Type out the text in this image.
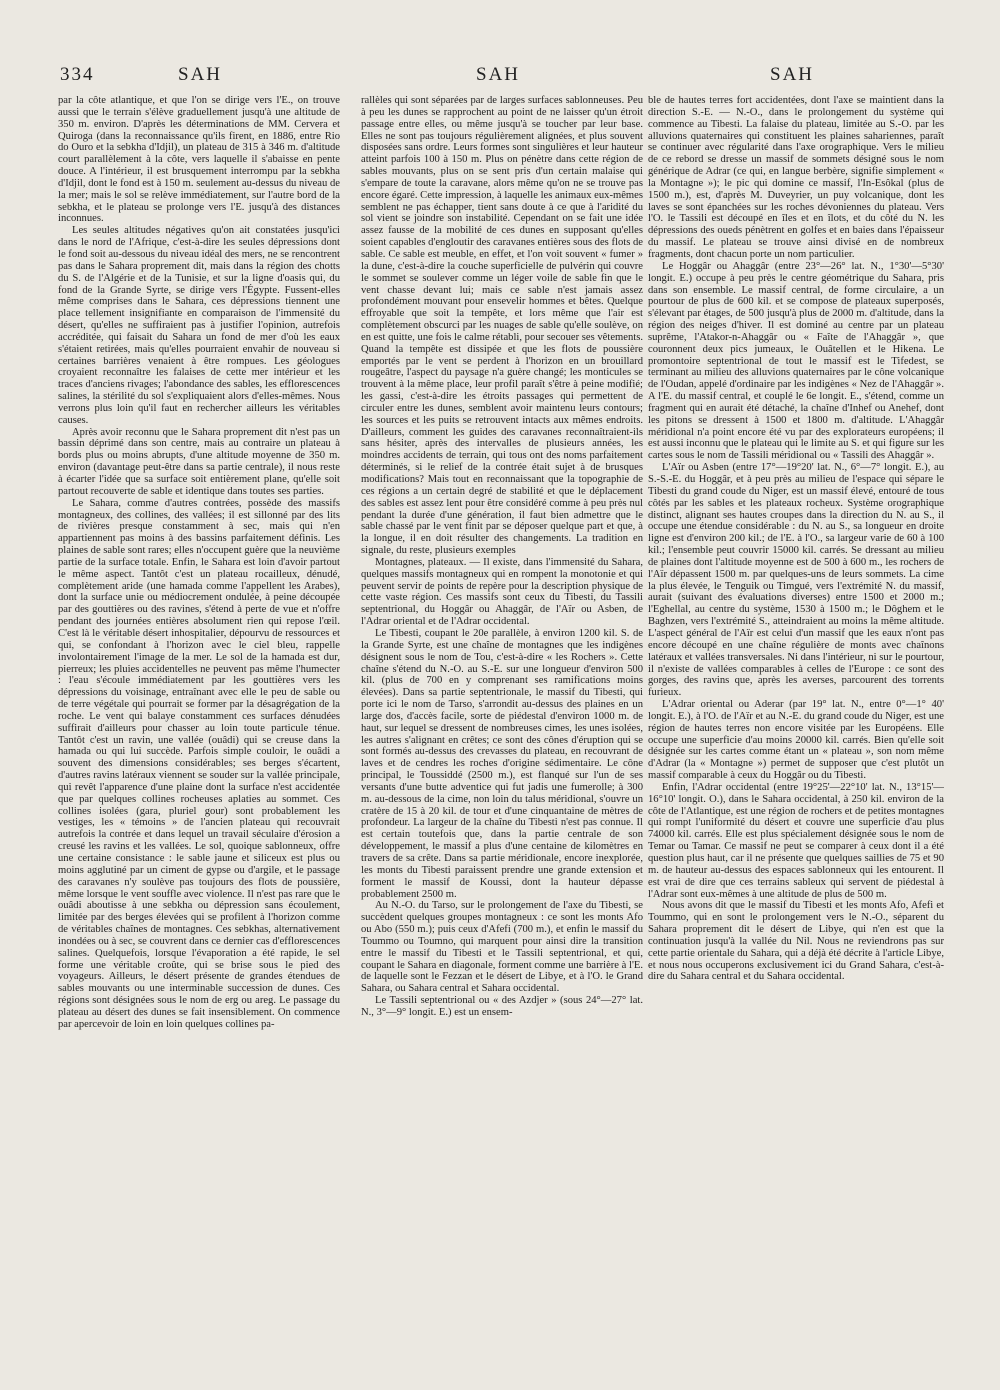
334	SAH	SAH	SAH

par la côte atlantique, et que l'on se dirige vers l'E., on trouve aussi que le terrain s'élève graduellement jusqu'à une altitude de 350 m. environ. D'après les déterminations de MM. Cervera et Quiroga (dans la reconnaissance qu'ils firent, en 1886, entre Rio do Ouro et la sebkha d'Idjil), un plateau de 315 à 346 m. d'altitude court parallèlement à la côte, vers laquelle il s'abaisse en pente douce. A l'intérieur, il est brusquement interrompu par la sebkha d'Idjil, dont le fond est à 150 m. seulement au-dessus du niveau de la mer; mais le sol se relève immédiatement, sur l'autre bord de la sebkha, et le plateau se prolonge vers l'E. jusqu'à des distances inconnues.

Les seules altitudes négatives qu'on ait constatées jusqu'ici dans le nord de l'Afrique, c'est-à-dire les seules dépressions dont le fond soit au-dessous du niveau idéal des mers, ne se rencontrent pas dans le Sahara proprement dit, mais dans la région des chotts du S. de l'Algérie et de la Tunisie, et sur la ligne d'oasis qui, du fond de la Grande Syrte, se dirige vers l'Égypte. Fussent-elles même comprises dans le Sahara, ces dépressions tiennent une place tellement insignifiante en comparaison de l'immensité du désert, qu'elles ne suffiraient pas à justifier l'opinion, autrefois accréditée, qui faisait du Sahara un fond de mer d'où les eaux s'étaient retirées, mais qu'elles pourraient envahir de nouveau si certaines barrières venaient à être rompues. Les géologues croyaient reconnaître les falaises de cette mer intérieur et les traces d'anciens rivages; l'abondance des sables, les efflorescences salines, la stérilité du sol s'expliquaient alors d'elles-mêmes. Nous verrons plus loin qu'il faut en rechercher ailleurs les véritables causes.

Après avoir reconnu que le Sahara proprement dit n'est pas un bassin déprimé dans son centre, mais au contraire un plateau à bords plus ou moins abrupts, d'une altitude moyenne de 350 m. environ (davantage peut-être dans sa partie centrale), il nous reste à écarter l'idée que sa surface soit entièrement plane, qu'elle soit partout recouverte de sable et identique dans toutes ses parties.

Le Sahara, comme d'autres contrées, possède des massifs montagneux, des collines, des vallées; il est sillonné par des lits de rivières presque constamment à sec, mais qui n'en appartiennent pas moins à des bassins parfaitement définis. Les plaines de sable sont rares; elles n'occupent guère que la neuvième partie de la surface totale. Enfin, le Sahara est loin d'avoir partout le même aspect. Tantôt c'est un plateau rocailleux, dénudé, complètement aride (une hamada comme l'appellent les Arabes), dont la surface unie ou médiocrement ondulée, à peine découpée par des gouttières ou des ravines, s'étend à perte de vue et n'offre pendant des journées entières absolument rien qui repose l'œil. C'est là le véritable désert inhospitalier, dépourvu de ressources et qui, se confondant à l'horizon avec le ciel bleu, rappelle involontairement l'image de la mer. Le sol de la hamada est dur, pierreux; les pluies accidentelles ne peuvent pas même l'humecter : l'eau s'écoule immédiatement par les gouttières vers les dépressions du voisinage, entraînant avec elle le peu de sable ou de terre végétale qui pourrait se former par la désagrégation de la roche. Le vent qui balaye constamment ces surfaces dénudées suffirait d'ailleurs pour chasser au loin toute particule ténue. Tantôt c'est un ravin, une vallée (ouâdi) qui se creuse dans la hamada ou qui lui succède. Parfois simple couloir, le ouâdi a souvent des dimensions considérables; ses berges s'écartent, d'autres ravins latéraux viennent se souder sur la vallée principale, qui revêt l'apparence d'une plaine dont la surface n'est accidentée que par quelques collines rocheuses aplaties au sommet. Ces collines isolées (gara, pluriel gour) sont probablement les vestiges, les « témoins » de l'ancien plateau qui recouvrait autrefois la contrée et dans lequel un travail séculaire d'érosion a creusé les ravins et les vallées. Le sol, quoique sablonneux, offre une certaine consistance : le sable jaune et siliceux est plus ou moins agglutiné par un ciment de gypse ou d'argile, et le passage des caravanes n'y soulève pas toujours des flots de poussière, même lorsque le vent souffle avec violence. Il n'est pas rare que le ouâdi aboutisse à une sebkha ou dépression sans écoulement, limitée par des berges élevées qui se profilent à l'horizon comme de véritables chaînes de montagnes. Ces sebkhas, alternativement inondées ou à sec, se couvrent dans ce dernier cas d'efflorescences salines. Quelquefois, lorsque l'évaporation a été rapide, le sel forme une véritable croûte, qui se brise sous le pied des voyageurs. Ailleurs, le désert présente de grandes étendues de sables mouvants ou une interminable succession de dunes. Ces régions sont désignées sous le nom de erg ou areg. Le passage du plateau au désert des dunes se fait insensiblement. On commence par apercevoir de loin en loin quelques collines pa-

rallèles qui sont séparées par de larges surfaces sablonneuses. Peu à peu les dunes se rapprochent au point de ne laisser qu'un étroit passage entre elles, ou même jusqu'à se toucher par leur base. Elles ne sont pas toujours régulièrement alignées, et plus souvent disposées sans ordre. Leurs formes sont singulières et leur hauteur atteint parfois 100 à 150 m. Plus on pénètre dans cette région de sables mouvants, plus on se sent pris d'un certain malaise qui s'empare de toute la caravane, alors même qu'on ne se trouve pas encore égaré. Cette impression, à laquelle les animaux eux-mêmes semblent ne pas échapper, tient sans doute à ce que à l'aridité du sol vient se joindre son instabilité. Cependant on se fait une idée assez fausse de la mobilité de ces dunes en supposant qu'elles soient capables d'engloutir des caravanes entières sous des flots de sable. Ce sable est meuble, en effet, et l'on voit souvent « fumer » la dune, c'est-à-dire la couche superficielle de pulvérin qui couvre le sommet se soulever comme un léger voile de sable fin que le vent chasse devant lui; mais ce sable n'est jamais assez profondément mouvant pour ensevelir hommes et bêtes. Quelque effroyable que soit la tempête, et lors même que l'air est complètement obscurci par les nuages de sable qu'elle soulève, on en est quitte, une fois le calme rétabli, pour secouer ses vêtements. Quand la tempête est dissipée et que les flots de poussière emportés par le vent se perdent à l'horizon en un brouillard rougeâtre, l'aspect du paysage n'a guère changé; les monticules se trouvent à la même place, leur profil paraît s'être à peine modifié; les gassi, c'est-à-dire les étroits passages qui permettent de circuler entre les dunes, semblent avoir maintenu leurs contours; les sources et les puits se retrouvent intacts aux mêmes endroits. D'ailleurs, comment les guides des caravanes reconnaîtraient-ils sans hésiter, après des intervalles de plusieurs années, les moindres accidents de terrain, qui tous ont des noms parfaitement déterminés, si le relief de la contrée était sujet à de brusques modifications? Mais tout en reconnaissant que la topographie de ces régions a un certain degré de stabilité et que le déplacement des sables est assez lent pour être considéré comme à peu près nul pendant la durée d'une génération, il faut bien admettre que le sable chassé par le vent finit par se déposer quelque part et que, à la longue, il en doit résulter des changements. La tradition en signale, du reste, plusieurs exemples

Montagnes, plateaux. — Il existe, dans l'immensité du Sahara, quelques massifs montagneux qui en rompent la monotonie et qui peuvent servir de points de repère pour la description physique de cette vaste région. Ces massifs sont ceux du Tibesti, du Tassili septentrional, du Hoggâr ou Ahaggâr, de l'Aïr ou Asben, de l'Adrar oriental et de l'Adrar occidental.

Le Tibesti, coupant le 20e parallèle, à environ 1200 kil. S. de la Grande Syrte, est une chaîne de montagnes que les indigènes désignent sous le nom de Tou, c'est-à-dire « les Rochers ». Cette chaîne s'étend du N.-O. au S.-E. sur une longueur d'environ 500 kil. (plus de 700 en y comprenant ses ramifications moins élevées). Dans sa partie septentrionale, le massif du Tibesti, qui porte ici le nom de Tarso, s'arrondit au-dessus des plaines en un large dos, d'accès facile, sorte de piédestal d'environ 1000 m. de haut, sur lequel se dressent de nombreuses cimes, les unes isolées, les autres s'alignant en crêtes; ce sont des cônes d'éruption qui se sont formés au-dessus des crevasses du plateau, en recouvrant de laves et de cendres les roches d'origine sédimentaire. Le cône principal, le Toussiddé (2500 m.), est flanqué sur l'un de ses versants d'une butte adventice qui fut jadis une fumerolle; à 300 m. au-dessous de la cime, non loin du talus méridional, s'ouvre un cratère de 15 à 20 kil. de tour et d'une cinquantaine de mètres de profondeur. La largeur de la chaîne du Tibesti n'est pas connue. Il est certain toutefois que, dans la partie centrale de son développement, le massif a plus d'une centaine de kilomètres en travers de sa crête. Dans sa partie méridionale, encore inexplorée, les monts du Tibesti paraissent prendre une grande extension et forment le massif de Koussi, dont la hauteur dépasse probablement 2500 m.

Au N.-O. du Tarso, sur le prolongement de l'axe du Tibesti, se succèdent quelques groupes montagneux : ce sont les monts Afo ou Abo (550 m.); puis ceux d'Afefi (700 m.), et enfin le massif du Toummo ou Toumno, qui marquent pour ainsi dire la transition entre le massif du Tibesti et le Tassili septentrional, et qui, coupant le Sahara en diagonale, forment comme une barrière à l'E. de laquelle sont le Fezzan et le désert de Libye, et à l'O. le Grand Sahara, ou Sahara central et Sahara occidental.

Le Tassili septentrional ou « des Azdjer » (sous 24°—27° lat. N., 3°—9° longit. E.) est un ensem-

ble de hautes terres fort accidentées, dont l'axe se maintient dans la direction S.-E. — N.-O., dans le prolongement du système qui commence au Tibesti. La falaise du plateau, limitée au S.-O. par les alluvions quaternaires qui constituent les plaines sahariennes, paraît se continuer avec régularité dans l'axe orographique. Vers le milieu de ce rebord se dresse un massif de sommets désigné sous le nom générique de Adrar (ce qui, en langue berbère, signifie simplement « la Montagne »); le pic qui domine ce massif, l'In-Esôkal (plus de 1500 m.), est, d'après M. Duveyrier, un puy volcanique, dont les laves se sont épanchées sur les roches dévoniennes du plateau. Vers l'O. le Tassili est découpé en îles et en îlots, et du côté du N. les dépressions des oueds pénètrent en golfes et en baies dans l'épaisseur du massif. Le plateau se trouve ainsi divisé en de nombreux fragments, dont chacun porte un nom particulier.

Le Hoggâr ou Ahaggâr (entre 23°—26° lat. N., 1°30'—5°30' longit. E.) occupe à peu près le centre géométrique du Sahara, pris dans son ensemble. Le massif central, de forme circulaire, a un pourtour de plus de 600 kil. et se compose de plateaux superposés, s'élevant par étages, de 500 jusqu'à plus de 2000 m. d'altitude, dans la région des neiges d'hiver. Il est dominé au centre par un plateau suprême, l'Atakor-n-Ahaggâr ou « Faîte de l'Ahaggâr », que couronnent deux pics jumeaux, le Ouâtellen et le Hikena. Le promontoire septentrional de tout le massif est le Tifedest, se terminant au milieu des alluvions quaternaires par le cône volcanique de l'Oudan, appelé d'ordinaire par les indigènes « Nez de l'Ahaggâr ». A l'E. du massif central, et couplé le 6e longit. E., s'étend, comme un fragment qui en aurait été détaché, la chaîne d'Inhef ou Anehef, dont les pitons se dressent à 1500 et 1800 m. d'altitude. L'Ahaggâr méridional n'a point encore été vu par des explorateurs européens; il est aussi inconnu que le plateau qui le limite au S. et qui figure sur les cartes sous le nom de Tassili méridional ou « Tassili des Ahaggâr ».

L'Aïr ou Asben (entre 17°—19°20' lat. N., 6°—7° longit. E.), au S.-S.-E. du Hoggâr, et à peu près au milieu de l'espace qui sépare le Tibesti du grand coude du Niger, est un massif élevé, entouré de tous côtés par les sables et les plateaux rocheux. Système orographique distinct, alignant ses hautes croupes dans la direction du N. au S., il occupe une étendue considérable : du N. au S., sa longueur en droite ligne est d'environ 200 kil.; de l'E. à l'O., sa largeur varie de 60 à 100 kil.; l'ensemble peut couvrir 15000 kil. carrés. Se dressant au milieu de plaines dont l'altitude moyenne est de 500 à 600 m., les rochers de l'Aïr dépassent 1500 m. par quelques-uns de leurs sommets. La cime la plus élevée, le Tenguik ou Timgué, vers l'extrémité N. du massif, aurait (suivant des évaluations diverses) entre 1500 et 2000 m.; l'Eghellal, au centre du système, 1530 à 1500 m.; le Dôghem et le Baghzen, vers l'extrémité S., atteindraient au moins la même altitude. L'aspect général de l'Aïr est celui d'un massif que les eaux n'ont pas encore découpé en une chaîne régulière de monts avec chaînons latéraux et vallées transversales. Ni dans l'intérieur, ni sur le pourtour, il n'existe de vallées comparables à celles de l'Europe : ce sont des gorges, des ravins que, après les averses, parcourent des torrents furieux.

L'Adrar oriental ou Aderar (par 19° lat. N., entre 0°—1° 40' longit. E.), à l'O. de l'Aïr et au N.-E. du grand coude du Niger, est une région de hautes terres non encore visitée par les Européens. Elle occupe une superficie d'au moins 20000 kil. carrés. Bien qu'elle soit désignée sur les cartes comme étant un « plateau », son nom même d'Adrar (la « Montagne ») permet de supposer que c'est plutôt un massif comparable à ceux du Hoggâr ou du Tibesti.

Enfin, l'Adrar occidental (entre 19°25'—22°10' lat. N., 13°15'—16°10' longit. O.), dans le Sahara occidental, à 250 kil. environ de la côte de l'Atlantique, est une région de rochers et de petites montagnes qui rompt l'uniformité du désert et couvre une superficie d'au plus 74000 kil. carrés. Elle est plus spécialement désignée sous le nom de Temar ou Tamar. Ce massif ne peut se comparer à ceux dont il a été question plus haut, car il ne présente que quelques saillies de 75 et 90 m. de hauteur au-dessus des espaces sablonneux qui les entourent. Il est vrai de dire que ces terrains sableux qui servent de piédestal à l'Adrar sont eux-mêmes à une altitude de plus de 500 m.

Nous avons dit que le massif du Tibesti et les monts Afo, Afefi et Toummo, qui en sont le prolongement vers le N.-O., séparent du Sahara proprement dit le désert de Libye, qui n'en est que la continuation jusqu'à la vallée du Nil. Nous ne reviendrons pas sur cette partie orientale du Sahara, qui a déjà été décrite à l'article Libye, et nous nous occuperons exclusivement ici du Grand Sahara, c'est-à-dire du Sahara central et du Sahara occidental.
